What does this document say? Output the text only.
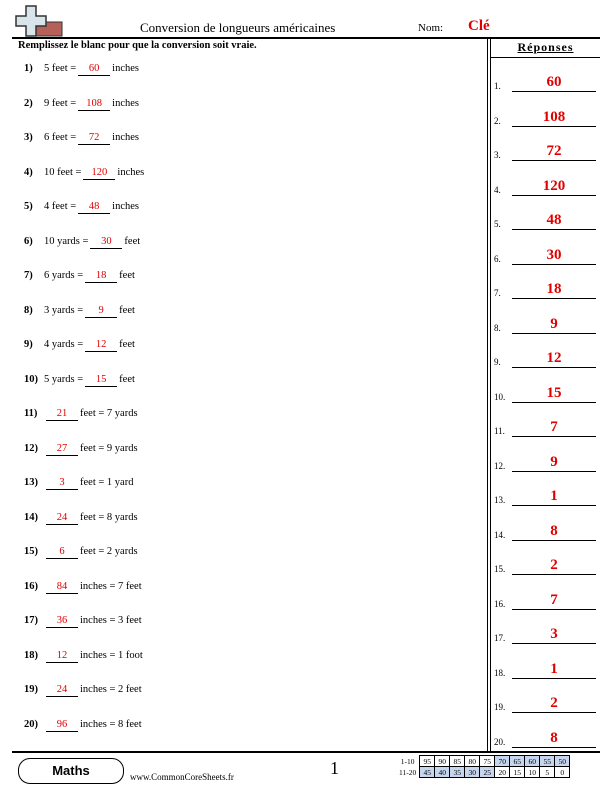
Conversion de longueurs américaines	Nom: Clé
Remplissez le blanc pour que la conversion soit vraie.	Réponses
1) 5 feet = 60 inches
2) 9 feet = 108 inches
3) 6 feet = 72 inches
4) 10 feet = 120 inches
5) 4 feet = 48 inches
6) 10 yards = 30 feet
7) 6 yards = 18 feet
8) 3 yards = 9 feet
9) 4 yards = 12 feet
10) 5 yards = 15 feet
11) 21 feet = 7 yards
12) 27 feet = 9 yards
13) 3 feet = 1 yard
14) 24 feet = 8 yards
15) 6 feet = 2 yards
16) 84 inches = 7 feet
17) 36 inches = 3 feet
18) 12 inches = 1 foot
19) 24 inches = 2 feet
20) 96 inches = 8 feet
1.	60
2.	108
3.	72
4.	120
5.	48
6.	30
7.	18
8.	9
9.	12
10.	15
11.	7
12.	9
13.	1
14.	8
15.	2
16.	7
17.	3
18.	1
19.	2
20.	8
Maths	www.CommonCoreSheets.fr	1	1-10	95	90	85	80	75	70	65	60	55	50
11-20	45	40	35	30	25	20	15	10	5	0
